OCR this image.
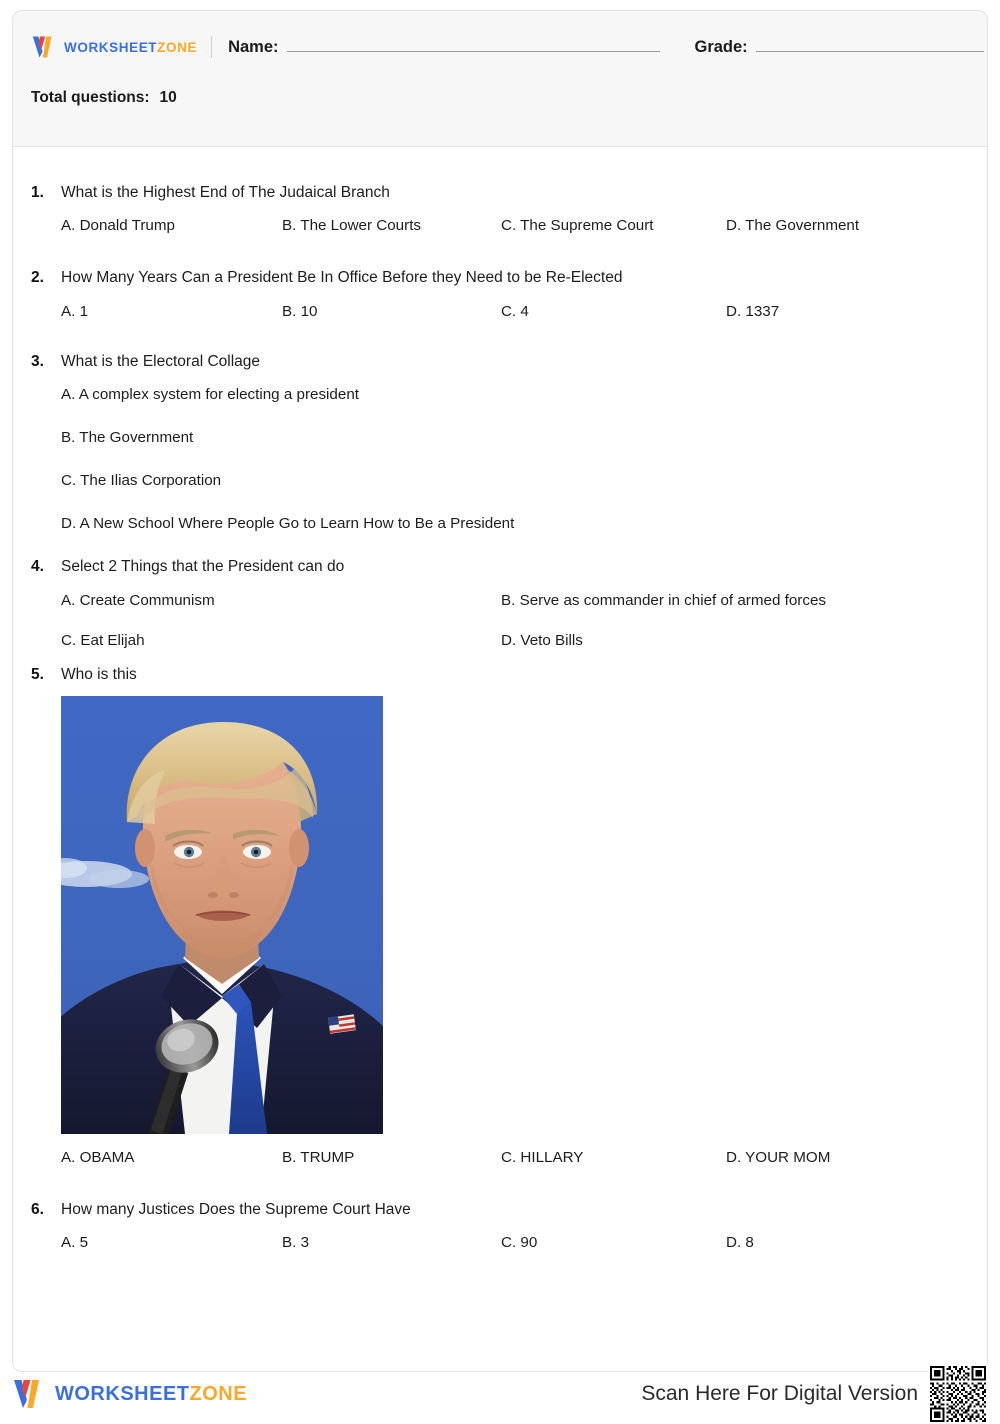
WORKSHEETZONE Name:	Grade:
Total questions: 10
1.	What is the Highest End of The Judaical Branch
A. Donald Trump	B. The Lower Courts	C. The Supreme Court	D. The Government
2.	How Many Years Can a President Be In Office Before they Need to be Re-Elected
A. 1	B. 10	C. 4	D. 1337
3.	What is the Electoral Collage
A. A complex system for electing a president
B. The Government
C. The Ilias Corporation
D. A New School Where People Go to Learn How to Be a President
4.	Select 2 Things that the President can do
A. Create Communism	B. Serve as commander in chief of armed forces
C. Eat Elijah	D. Veto Bills
5.	Who is this
A. OBAMA	B. TRUMP	C. HILLARY	D. YOUR MOM
6.	How many Justices Does the Supreme Court Have
A. 5	B. 3	C. 90	D. 8
WORKSHEETZONE	Scan Here For Digital Version
